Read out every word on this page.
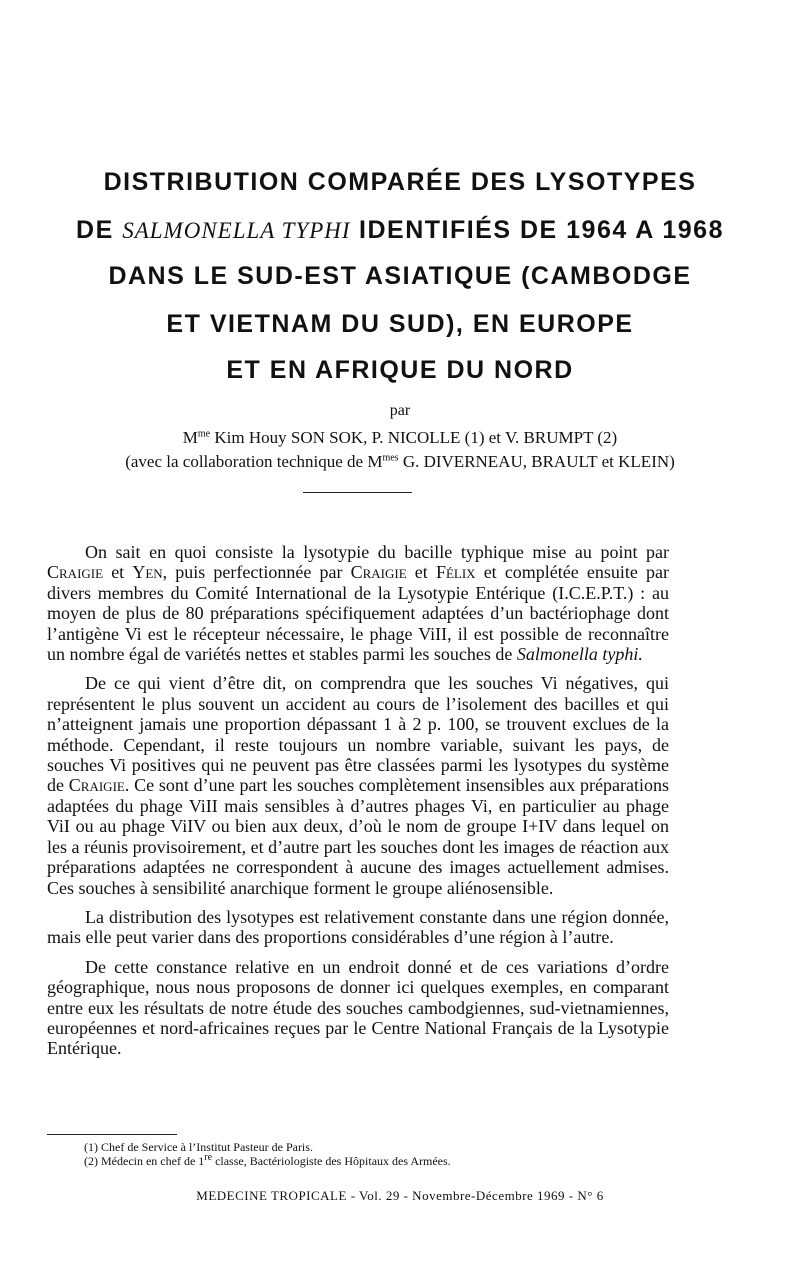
DISTRIBUTION COMPARÉE DES LYSOTYPES
DE SALMONELLA TYPHI IDENTIFIÉS DE 1964 A 1968
DANS LE SUD-EST ASIATIQUE (CAMBODGE
ET VIETNAM DU SUD), EN EUROPE
ET EN AFRIQUE DU NORD
par
$M^{me}$ Kim Houy SON SOK, P. NICOLLE (1) et V. BRUMPT (2)
(avec la collaboration technique de $M^{mes}$ G. DIVERNEAU, BRAULT et KLEIN)

On sait en quoi consiste la lysotypie du bacille typhique mise au point par Craigie et Yen, puis perfectionnée par Craigie et Félix et complétée ensuite par divers membres du Comité International de la Lysotypie Entérique (I.C.E.P.T.) : au moyen de plus de 80 préparations spécifiquement adaptées d’un bactériophage dont l’antigène Vi est le récepteur nécessaire, le phage ViII, il est possible de reconnaître un nombre égal de variétés nettes et stables parmi les souches de Salmonella typhi.

De ce qui vient d’être dit, on comprendra que les souches Vi négatives, qui représentent le plus souvent un accident au cours de l’isolement des bacilles et qui n’atteignent jamais une proportion dépassant 1 à 2 p. 100, se trouvent exclues de la méthode. Cependant, il reste toujours un nombre variable, suivant les pays, de souches Vi positives qui ne peuvent pas être classées parmi les lysotypes du système de Craigie. Ce sont d’une part les souches complètement insensibles aux préparations adaptées du phage ViII mais sensibles à d’autres phages Vi, en particulier au phage ViI ou au phage ViIV ou bien aux deux, d’où le nom de groupe I+IV dans lequel on les a réunis provisoirement, et d’autre part les souches dont les images de réaction aux préparations adaptées ne correspondent à aucune des images actuellement admises. Ces souches à sensibilité anarchique forment le groupe aliénosensible.

La distribution des lysotypes est relativement constante dans une région donnée, mais elle peut varier dans des proportions considérables d’une région à l’autre.

De cette constance relative en un endroit donné et de ces variations d’ordre géographique, nous nous proposons de donner ici quelques exemples, en comparant entre eux les résultats de notre étude des souches cambodgiennes, sud-vietnamiennes, européennes et nord-africaines reçues par le Centre National Français de la Lysotypie Entérique.

(1) Chef de Service à l’Institut Pasteur de Paris.
(2) Médecin en chef de 1re classe, Bactériologiste des Hôpitaux des Armées.
MEDECINE TROPICALE - Vol. 29 - Novembre-Décembre 1969 - N° 6
